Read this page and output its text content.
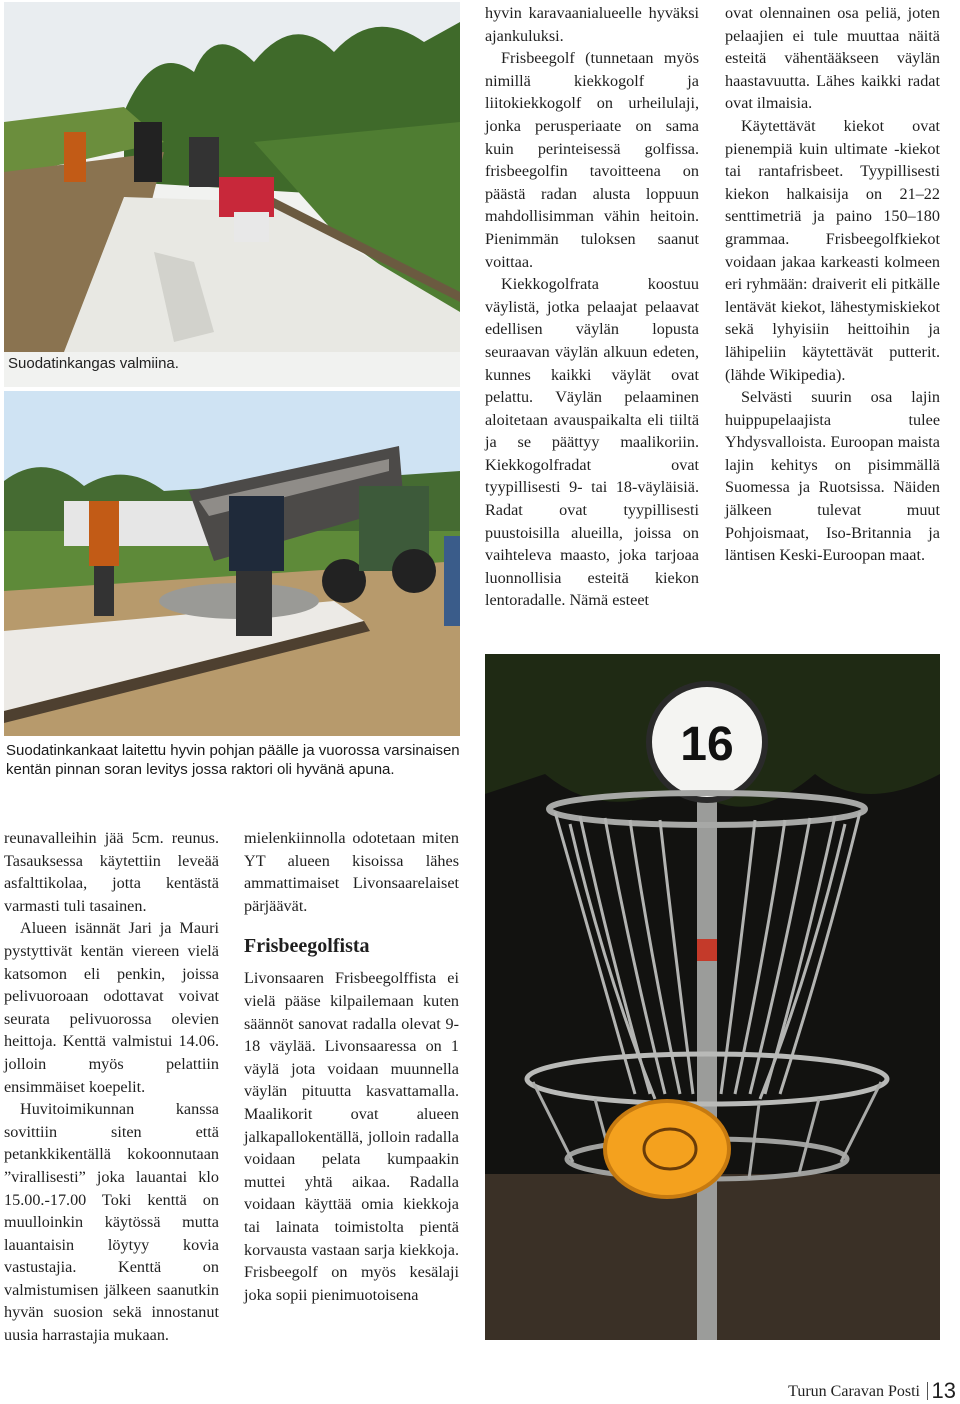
Suodatinkangas valmiina.
Suodatinkankaat laitettu hyvin pohjan päälle ja vuorossa varsinaisen kentän pinnan soran levitys jossa raktori oli hyvänä apuna.	16

reunavalleihin jää 5cm. reunus. Tasauksessa käytettiin leveää asfalttikolaa, jotta kentästä varmasti tuli tasainen.

Alueen isännät Jari ja Mauri pystyttivät kentän viereen vielä katsomon eli penkin, joissa pelivuoroaan odottavat voivat seurata pelivuorossa olevien heittoja. Kenttä valmistui 14.06. jolloin myös pelattiin ensimmäiset koepelit.

Huvitoimikunnan kanssa sovittiin siten että petankkikentällä kokoonnutaan ”virallisesti” joka lauantai klo 15.00.-17.00 Toki kenttä on muulloinkin käytössä mutta lauantaisin löytyy kovia vastustajia. Kenttä on valmistumisen jälkeen saanutkin hyvän suosion sekä innostanut uusia harrastajia mukaan.

mielenkiinnolla odotetaan miten YT alueen kisoissa lähes ammattimaiset Livonsaarelaiset pärjäävät.

Frisbeegolfista

Livonsaaren Frisbeegolffista ei vielä pääse kilpailemaan kuten säännöt sanovat radalla olevat 9-18 väylää. Livonsaaressa on 1 väylä jota voidaan muunnella väylän pituutta kasvattamalla. Maalikorit ovat alueen jalkapallokentällä, jolloin radalla voidaan pelata kumpaakin muttei yhtä aikaa. Radalla voidaan käyttää omia kiekkoja tai lainata toimistolta pientä korvausta vastaan sarja kiekkoja. Frisbeegolf on myös kesälaji joka sopii pienimuotoisena

hyvin karavaanialueelle hyväksi ajankuluksi.

Frisbeegolf (tunnetaan myös nimillä kiekkogolf ja liitokiekkogolf on urheilulaji, jonka perusperiaate on sama kuin perinteisessä golfissa. frisbeegolfin tavoitteena on päästä radan alusta loppuun mahdollisimman vähin heitoin. Pienimmän tuloksen saanut voittaa.

Kiekkogolfrata koostuu väylistä, jotka pelaajat pelaavat edellisen väylän lopusta seuraavan väylän alkuun edeten, kunnes kaikki väylät ovat pelattu. Väylän pelaaminen aloitetaan avauspaikalta eli tiiltä ja se päättyy maalikoriin. Kiekkogolfradat ovat tyypillisesti 9- tai 18-väyläisiä. Radat ovat tyypillisesti puustoisilla alueilla, joissa on vaihteleva maasto, joka tarjoaa luonnollisia esteitä kiekon lentoradalle. Nämä esteet

ovat olennainen osa peliä, joten pelaajien ei tule muuttaa näitä esteitä vähentääkseen väylän haastavuutta. Lähes kaikki radat ovat ilmaisia.

Käytettävät kiekot ovat pienempiä kuin ultimate -kiekot tai rantafrisbeet. Tyypillisesti kiekon halkaisija on 21–22 senttimetriä ja paino 150–180 grammaa. Frisbeegolfkiekot voidaan jakaa karkeasti kolmeen eri ryhmään: draiverit eli pitkälle lentävät kiekot, lähestymiskiekot sekä lyhyisiin heittoihin ja lähipeliin käytettävät putterit. (lähde Wikipedia).

Selvästi suurin osa lajin huippupelaajista tulee Yhdysvalloista. Euroopan maista lajin kehitys on pisimmällä Suomessa ja Ruotsissa. Näiden jälkeen tulevat muut Pohjoismaat, Iso-Britannia ja läntisen Keski-Euroopan maat.

Turun Caravan Posti 13
